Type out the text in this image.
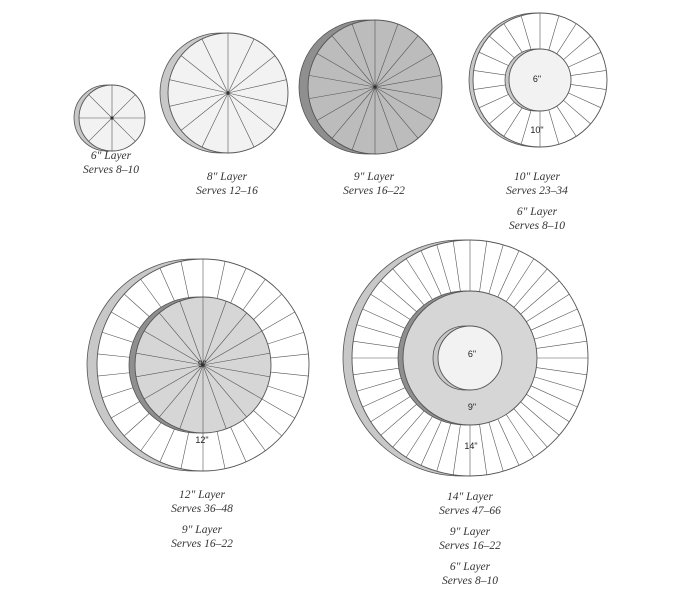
10"
6"
12"
9"
14"
9"
6"
6" Layer
Serves 8–10
8" Layer
Serves 12–16
9" Layer
Serves 16–22
10" Layer
Serves 23–34
6" Layer
Serves 8–10
12" Layer
Serves 36–48
9" Layer
Serves 16–22
14" Layer
Serves 47–66
9" Layer
Serves 16–22
6" Layer
Serves 8–10
